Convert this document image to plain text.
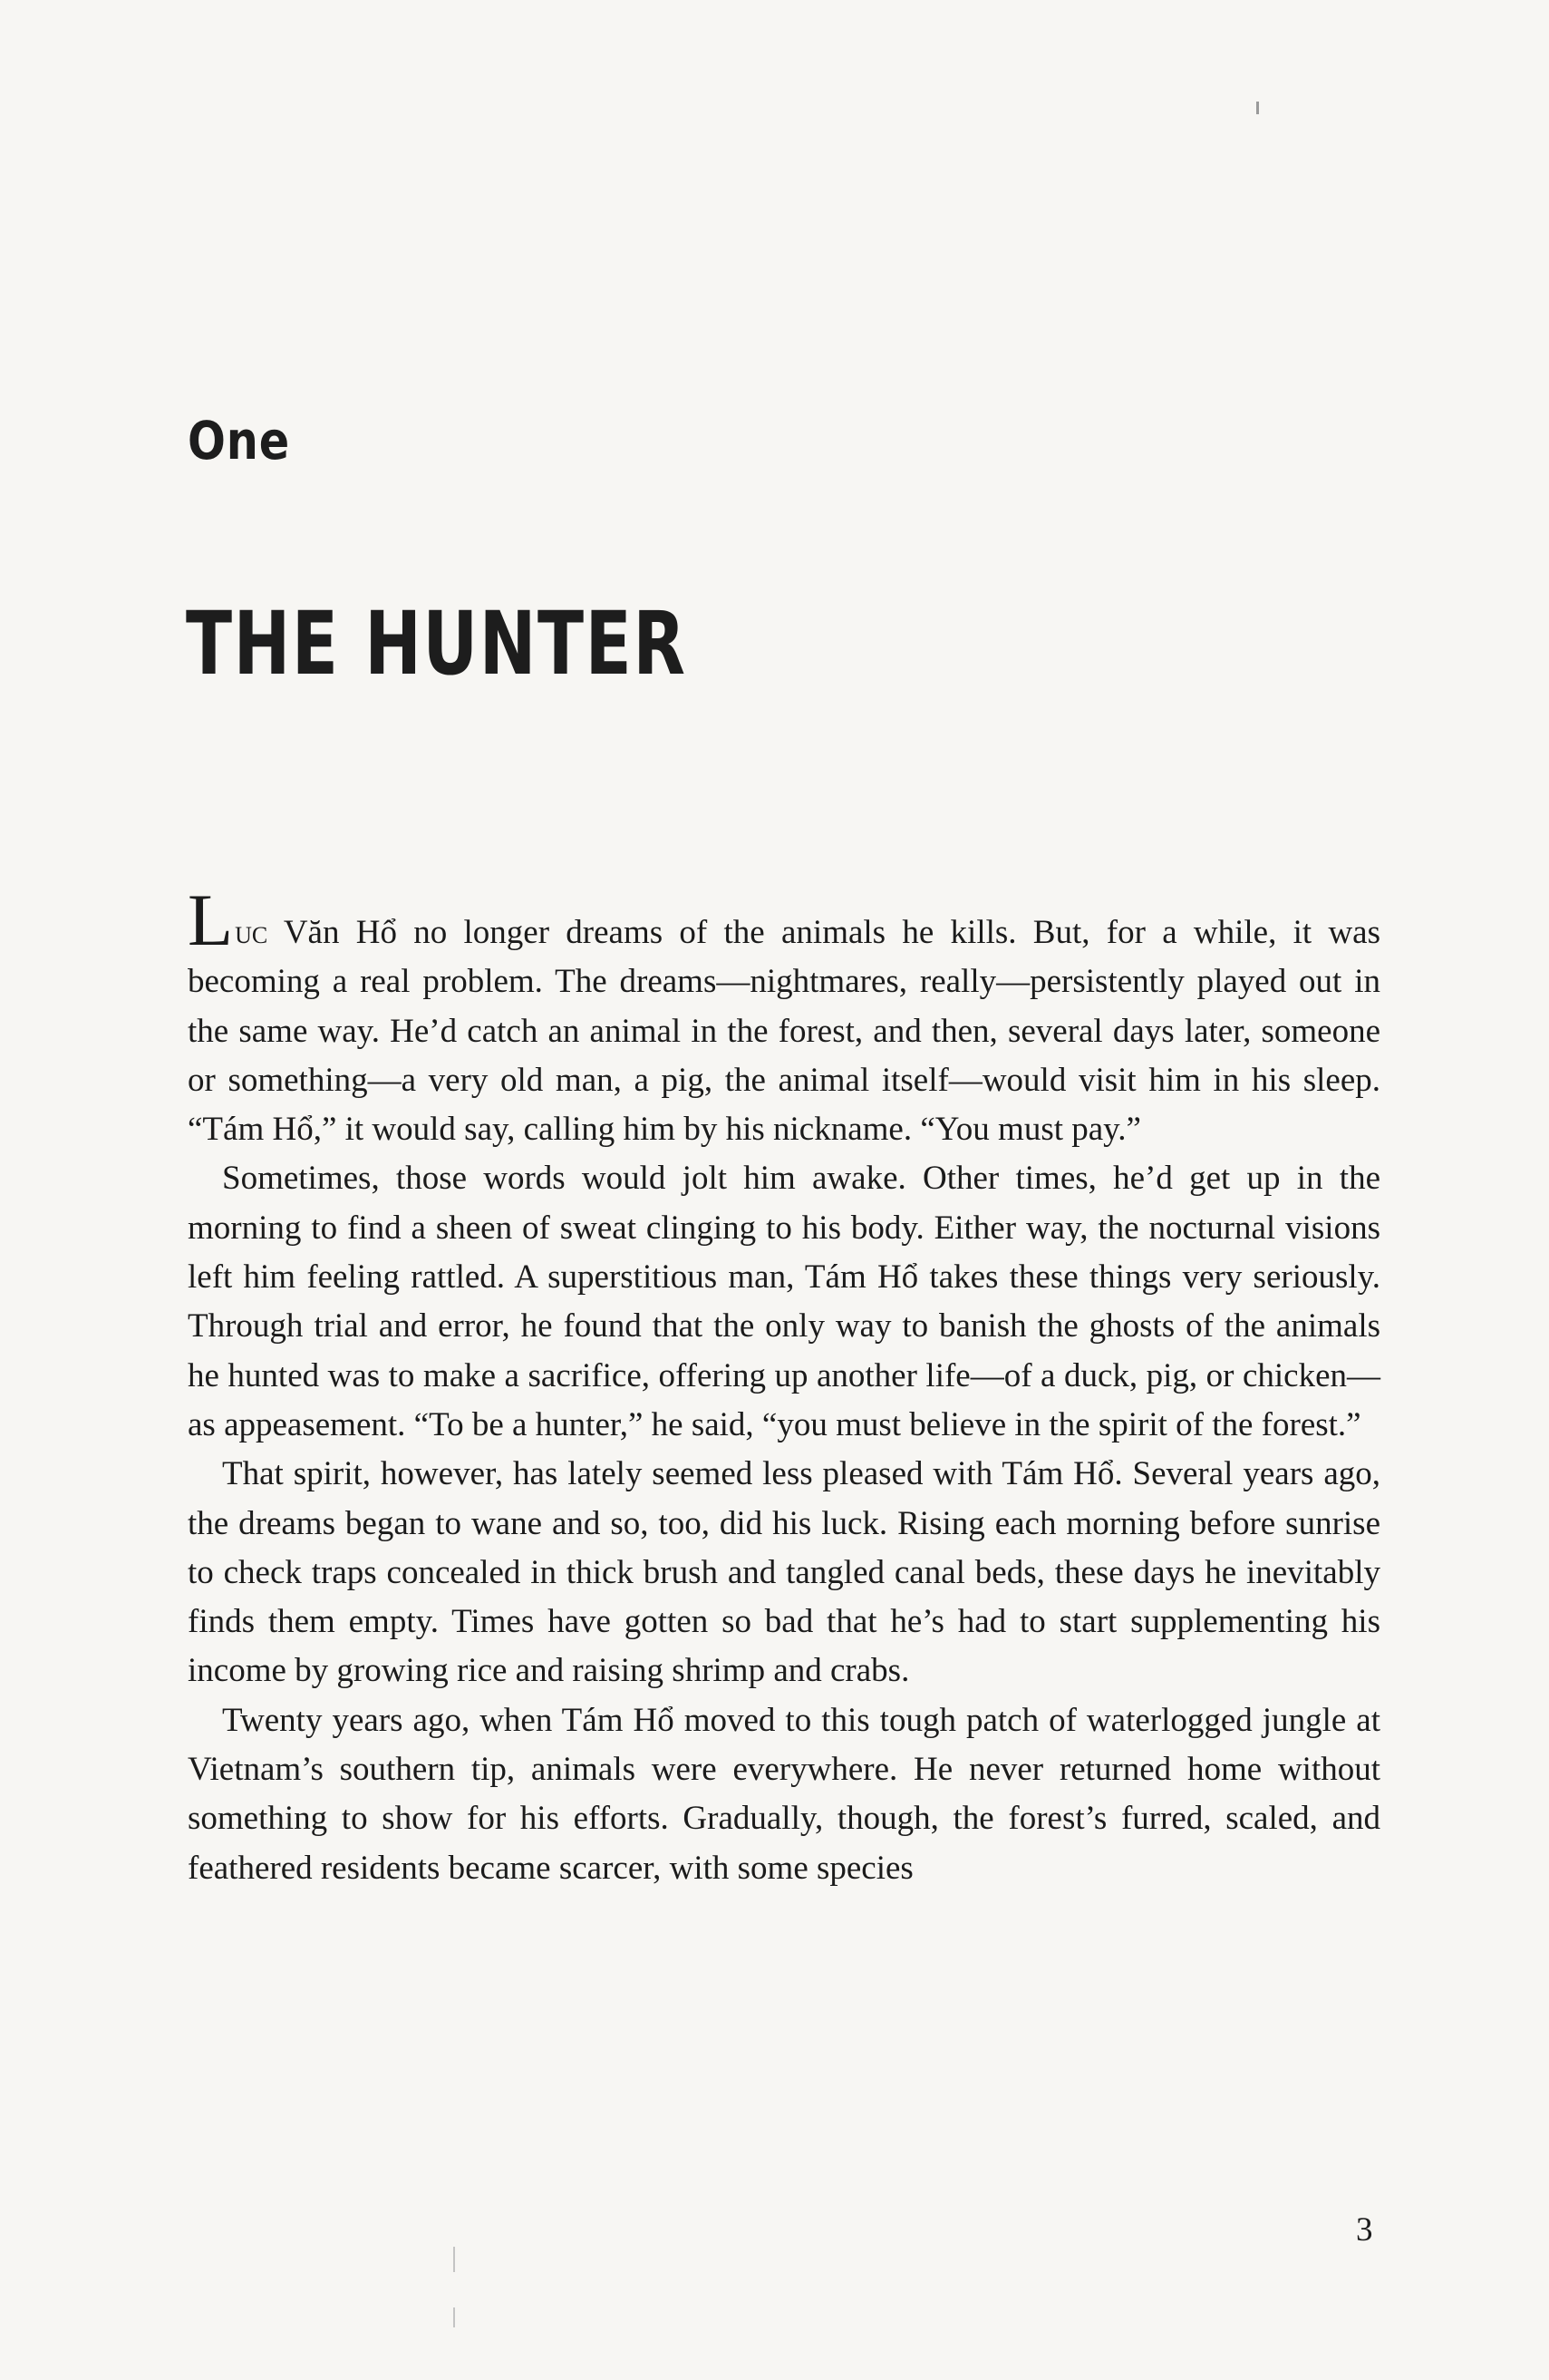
One
THE HUNTER

Luc Văn Hổ no longer dreams of the animals he kills. But, for a while, it was becoming a real problem. The dreams—nightmares, really—persistently played out in the same way. He’d catch an animal in the forest, and then, several days later, someone or something—a very old man, a pig, the animal itself—would visit him in his sleep. “Tám Hổ,” it would say, calling him by his nickname. “You must pay.”

Sometimes, those words would jolt him awake. Other times, he’d get up in the morning to find a sheen of sweat clinging to his body. Either way, the nocturnal visions left him feeling rattled. A superstitious man, Tám Hổ takes these things very seriously. Through trial and error, he found that the only way to banish the ghosts of the animals he hunted was to make a sacrifice, offering up another life—of a duck, pig, or chicken—as appeasement. “To be a hunter,” he said, “you must believe in the spirit of the forest.”

That spirit, however, has lately seemed less pleased with Tám Hổ. Several years ago, the dreams began to wane and so, too, did his luck. Rising each morning before sunrise to check traps concealed in thick brush and tangled canal beds, these days he inevitably finds them empty. Times have gotten so bad that he’s had to start supplementing his income by growing rice and raising shrimp and crabs.

Twenty years ago, when Tám Hổ moved to this tough patch of waterlogged jungle at Vietnam’s southern tip, animals were everywhere. He never returned home without something to show for his efforts. Gradually, though, the forest’s furred, scaled, and feathered residents became scarcer, with some species

3
